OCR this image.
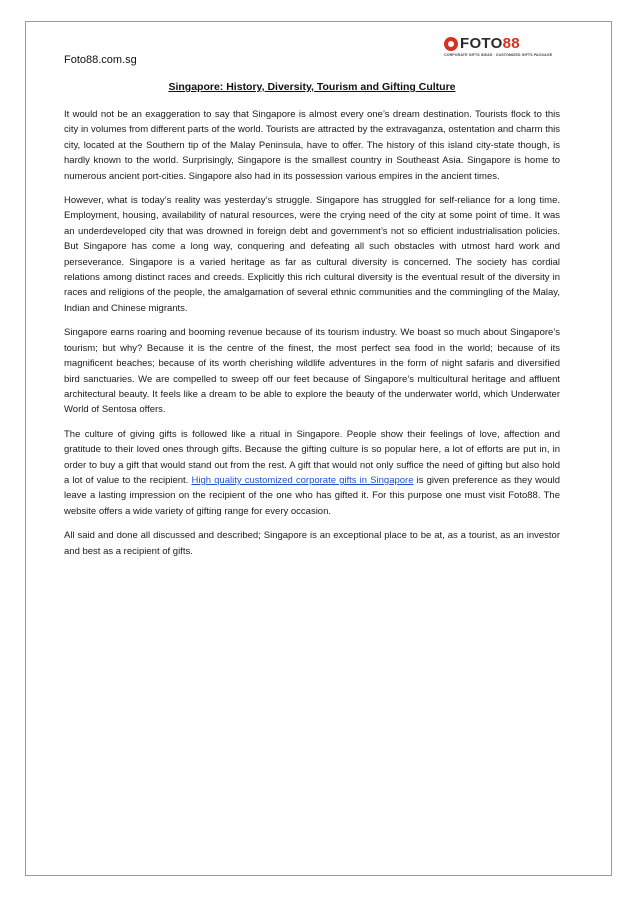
Foto88.com.sg
FOTO88
CORPORATE GIFTS IDEAS · CUSTOMIZED GIFTS PACKAGE
Singapore: History, Diversity, Tourism and Gifting Culture

It would not be an exaggeration to say that Singapore is almost every one’s dream destination. Tourists flock to this city in volumes from different parts of the world. Tourists are attracted by the extravaganza, ostentation and charm this city, located at the Southern tip of the Malay Peninsula, have to offer. The history of this island city-state though, is hardly known to the world. Surprisingly, Singapore is the smallest country in Southeast Asia. Singapore is home to numerous ancient port-cities. Singapore also had in its possession various empires in the ancient times.

However, what is today’s reality was yesterday’s struggle. Singapore has struggled for self-reliance for a long time. Employment, housing, availability of natural resources, were the crying need of the city at some point of time. It was an underdeveloped city that was drowned in foreign debt and government’s not so efficient industrialisation policies. But Singapore has come a long way, conquering and defeating all such obstacles with utmost hard work and perseverance. Singapore is a varied heritage as far as cultural diversity is concerned. The society has cordial relations among distinct races and creeds. Explicitly this rich cultural diversity is the eventual result of the diversity in races and religions of the people, the amalgamation of several ethnic communities and the commingling of the Malay, Indian and Chinese migrants.

Singapore earns roaring and booming revenue because of its tourism industry. We boast so much about Singapore’s tourism; but why? Because it is the centre of the finest, the most perfect sea food in the world; because of its magnificent beaches; because of its worth cherishing wildlife adventures in the form of night safaris and diversified bird sanctuaries. We are compelled to sweep off our feet because of Singapore’s multicultural heritage and affluent architectural beauty. It feels like a dream to be able to explore the beauty of the underwater world, which Underwater World of Sentosa offers.

The culture of giving gifts is followed like a ritual in Singapore. People show their feelings of love, affection and gratitude to their loved ones through gifts. Because the gifting culture is so popular here, a lot of efforts are put in, in order to buy a gift that would stand out from the rest. A gift that would not only suffice the need of gifting but also hold a lot of value to the recipient. High quality customized corporate gifts in Singapore is given preference as they would leave a lasting impression on the recipient of the one who has gifted it. For this purpose one must visit Foto88. The website offers a wide variety of gifting range for every occasion.

All said and done all discussed and described; Singapore is an exceptional place to be at, as a tourist, as an investor and best as a recipient of gifts.
